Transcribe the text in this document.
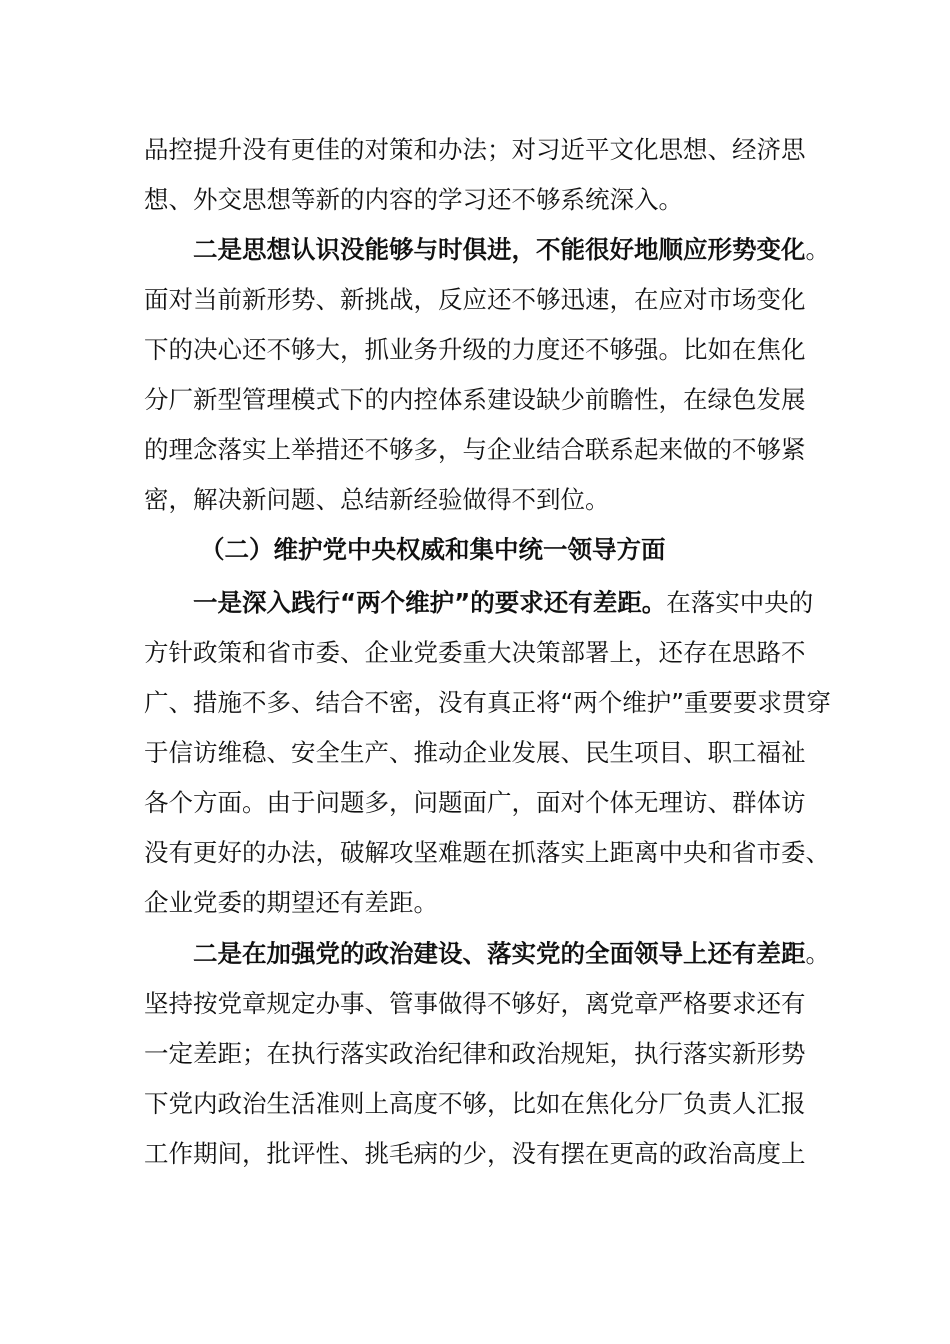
品控提升没有更佳的对策和办法；对习近平文化思想、经济思
想、外交思想等新的内容的学习还不够系统深入。
二是思想认识没能够与时俱进，不能很好地顺应形势变化。
面对当前新形势、新挑战，反应还不够迅速，在应对市场变化
下的决心还不够大，抓业务升级的力度还不够强。比如在焦化
分厂新型管理模式下的内控体系建设缺少前瞻性，在绿色发展
的理念落实上举措还不够多，与企业结合联系起来做的不够紧
密，解决新问题、总结新经验做得不到位。
（二）维护党中央权威和集中统一领导方面
一是深入践行“两个维护”的要求还有差距。在落实中央的
方针政策和省市委、企业党委重大决策部署上，还存在思路不
广、措施不多、结合不密，没有真正将“两个维护”重要要求贯穿
于信访维稳、安全生产、推动企业发展、民生项目、职工福祉
各个方面。由于问题多，问题面广，面对个体无理访、群体访
没有更好的办法，破解攻坚难题在抓落实上距离中央和省市委、
企业党委的期望还有差距。
二是在加强党的政治建设、落实党的全面领导上还有差距。
坚持按党章规定办事、管事做得不够好，离党章严格要求还有
一定差距；在执行落实政治纪律和政治规矩，执行落实新形势
下党内政治生活准则上高度不够，比如在焦化分厂负责人汇报
工作期间，批评性、挑毛病的少，没有摆在更高的政治高度上
